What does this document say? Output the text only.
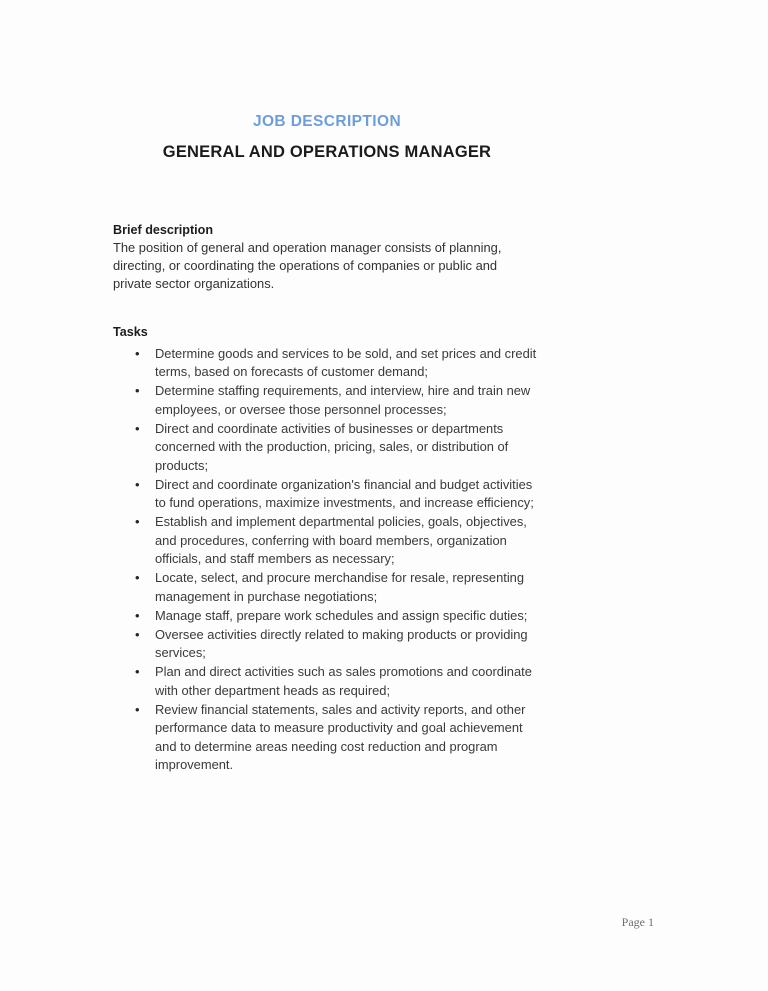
JOB DESCRIPTION

GENERAL AND OPERATIONS MANAGER
Brief description

The position of general and operation manager consists of planning, directing, or coordinating the operations of companies or public and private sector organizations.

Tasks
• Determine goods and services to be sold, and set prices and credit terms, based on forecasts of customer demand;
• Determine staffing requirements, and interview, hire and train new employees, or oversee those personnel processes;
• Direct and coordinate activities of businesses or departments concerned with the production, pricing, sales, or distribution of products;
• Direct and coordinate organization's financial and budget activities to fund operations, maximize investments, and increase efficiency;
• Establish and implement departmental policies, goals, objectives, and procedures, conferring with board members, organization officials, and staff members as necessary;
• Locate, select, and procure merchandise for resale, representing management in purchase negotiations;
• Manage staff, prepare work schedules and assign specific duties;
• Oversee activities directly related to making products or providing services;
• Plan and direct activities such as sales promotions and coordinate with other department heads as required;
• Review financial statements, sales and activity reports, and other performance data to measure productivity and goal achievement and to determine areas needing cost reduction and program improvement.
Page 1
